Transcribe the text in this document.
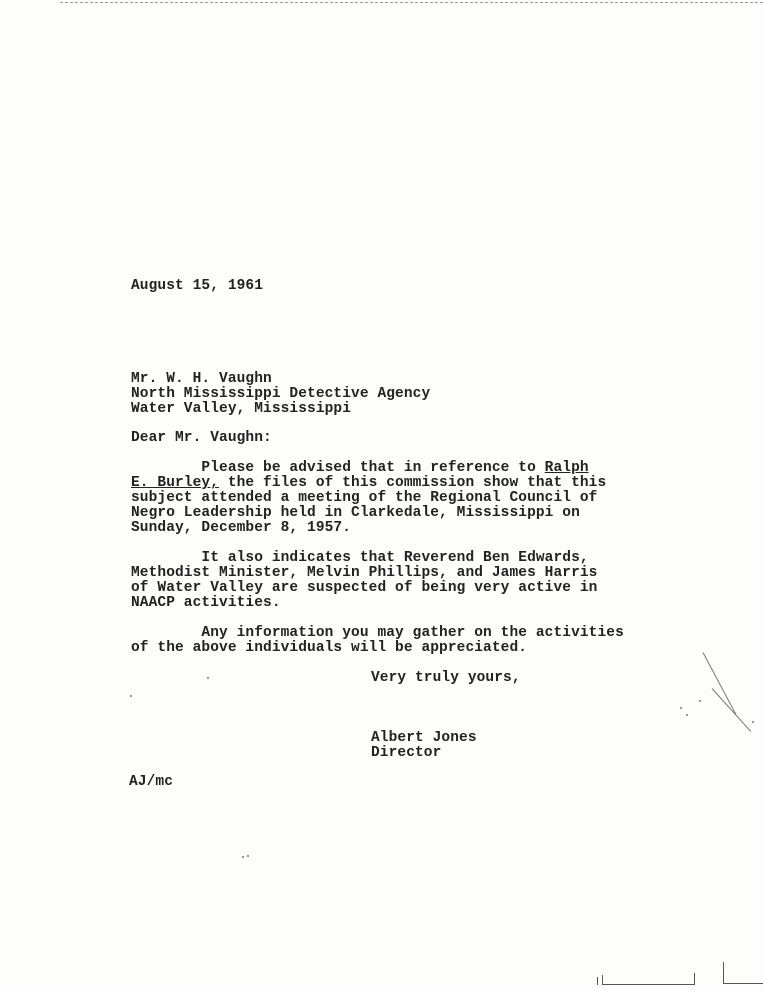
August 15, 1961
Mr. W. H. Vaughn
North Mississippi Detective Agency
Water Valley, Mississippi
Dear Mr. Vaughn:
Please be advised that in reference to Ralph
E. Burley, the files of this commission show that this
subject attended a meeting of the Regional Council of
Negro Leadership held in Clarkedale, Mississippi on
Sunday, December 8, 1957.
It also indicates that Reverend Ben Edwards,
Methodist Minister, Melvin Phillips, and James Harris
of Water Valley are suspected of being very active in
NAACP activities.
Any information you may gather on the activities
of the above individuals will be appreciated.
Very truly yours,
Albert Jones
Director
AJ/mc
